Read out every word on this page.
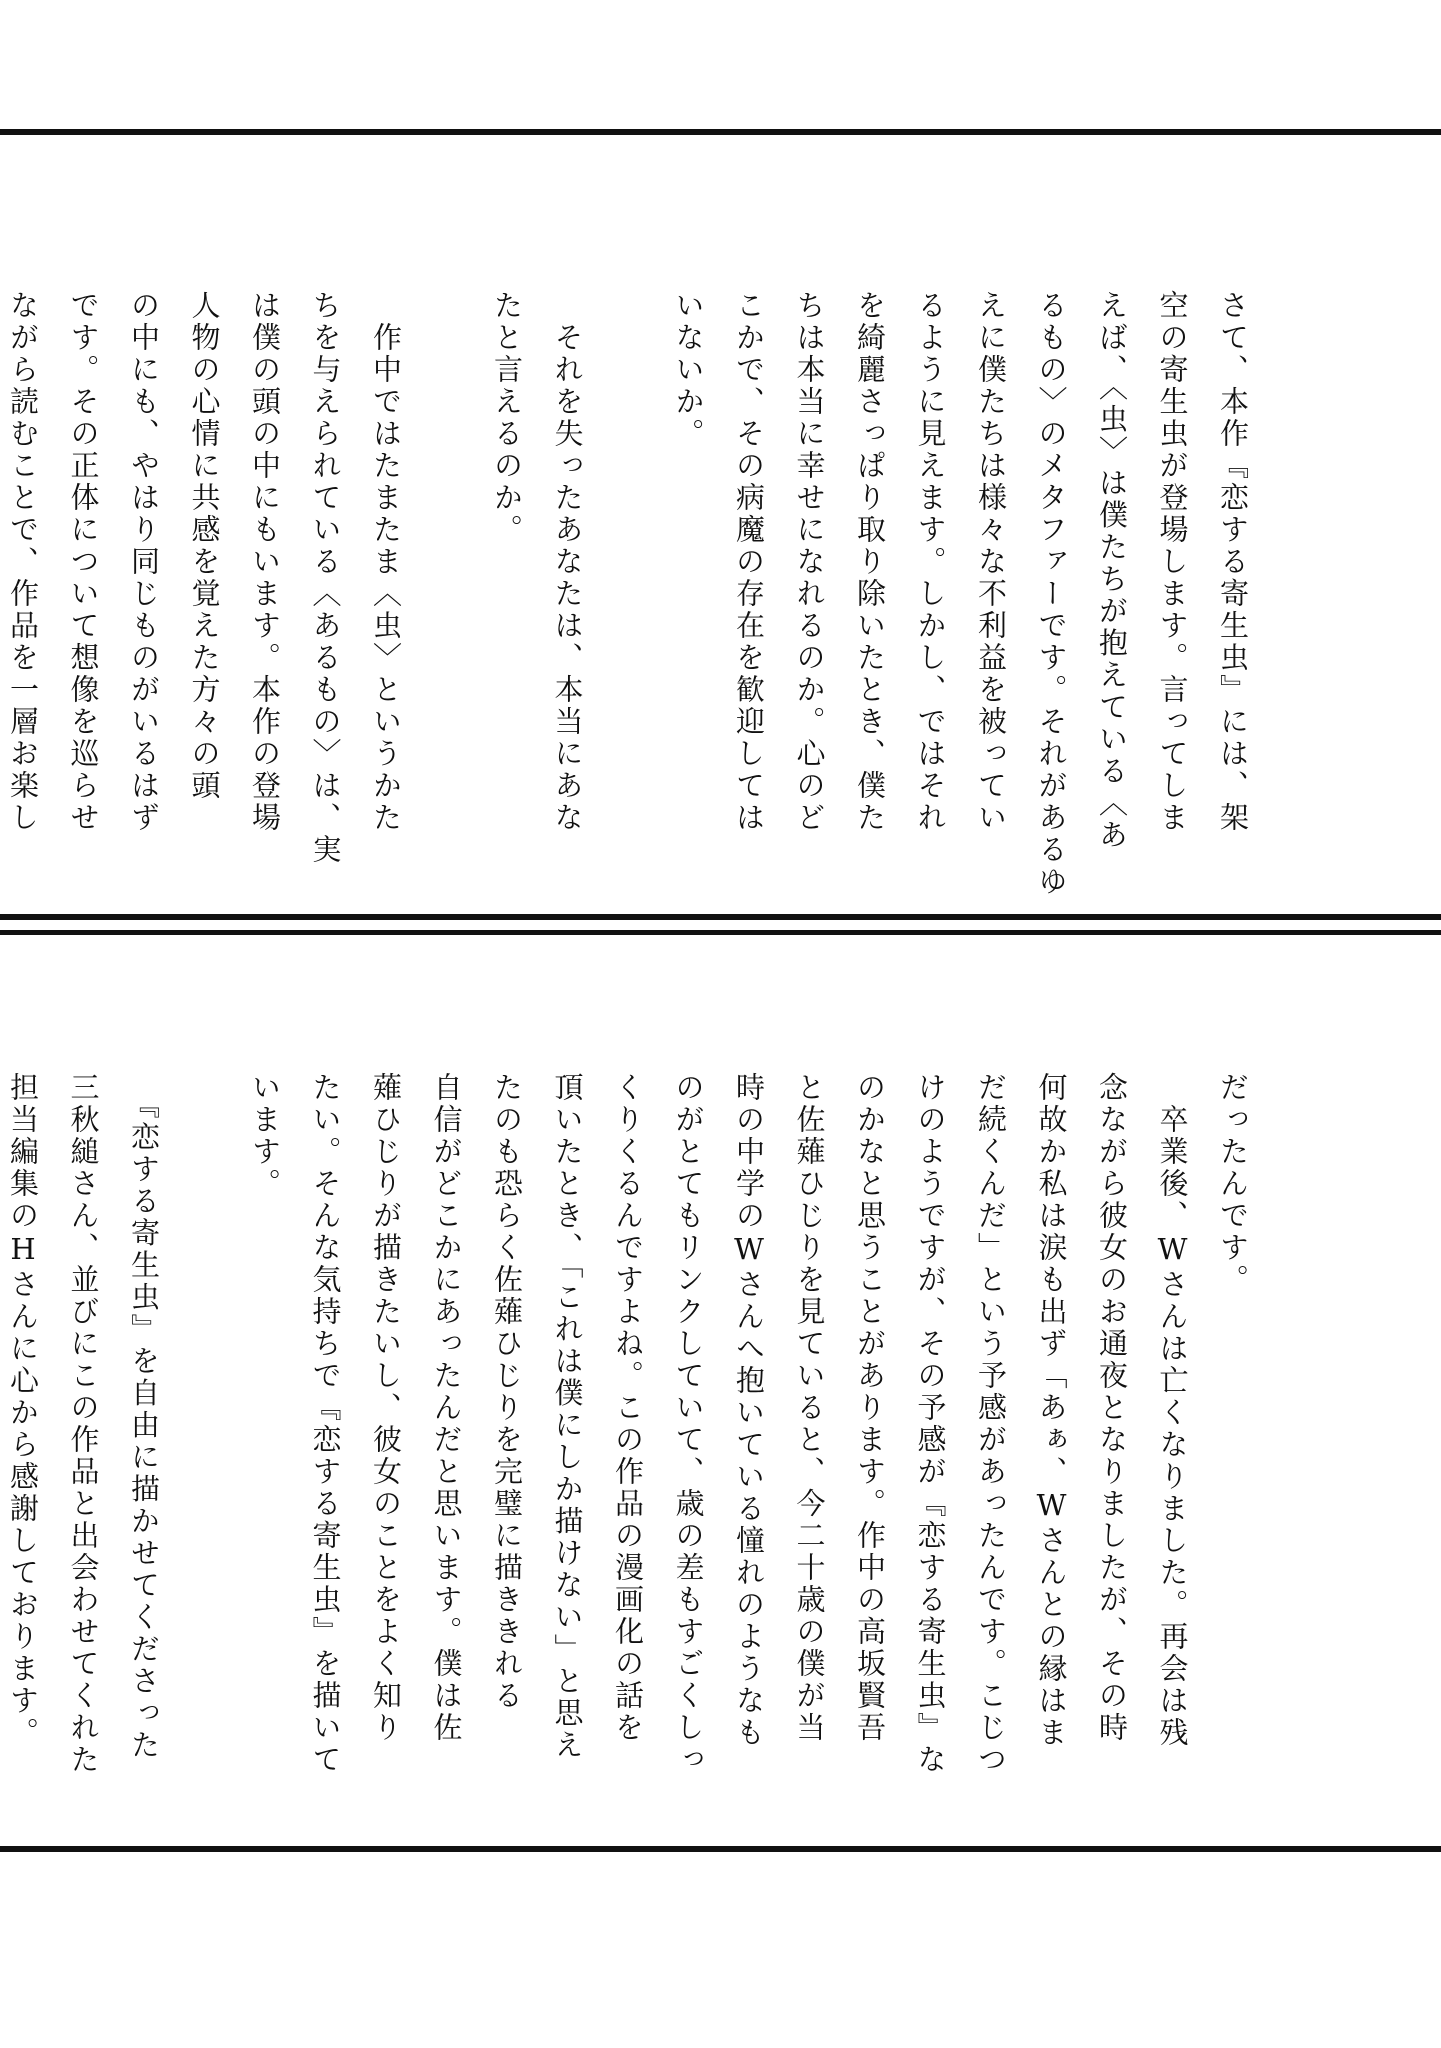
さて、本作『恋する寄生虫』には、架
空の寄生虫が登場します。言ってしま
えば、〈虫〉は僕たちが抱えている〈あ
るもの〉のメタファーです。それがあるゆ
えに僕たちは様々な不利益を被ってい
るように見えます。しかし、ではそれ
を綺麗さっぱり取り除いたとき、僕た
ちは本当に幸せになれるのか。心のど
こかで、その病魔の存在を歓迎しては
いないか。
　それを失ったあなたは、本当にあな
たと言えるのか。
　作中ではたまたま〈虫〉というかた
ちを与えられている〈あるもの〉は、実
は僕の頭の中にもいます。本作の登場
人物の心情に共感を覚えた方々の頭
の中にも、やはり同じものがいるはず
です。その正体について想像を巡らせ
ながら読むことで、作品を一層お楽し
だったんです。
　卒業後、Wさんは亡くなりました。再会は残
念ながら彼女のお通夜となりましたが、その時
何故か私は涙も出ず「あぁ、Wさんとの縁はま
だ続くんだ」という予感があったんです。こじつ
けのようですが、その予感が『恋する寄生虫』な
のかなと思うことがあります。作中の高坂賢吾
と佐薙ひじりを見ていると、今二十歳の僕が当
時の中学のWさんへ抱いている憧れのようなも
のがとてもリンクしていて、歳の差もすごくしっ
くりくるんですよね。この作品の漫画化の話を
頂いたとき、「これは僕にしか描けない」と思え
たのも恐らく佐薙ひじりを完璧に描ききれる
自信がどこかにあったんだと思います。僕は佐
薙ひじりが描きたいし、彼女のことをよく知り
たい。そんな気持ちで『恋する寄生虫』を描いて
います。
　『恋する寄生虫』を自由に描かせてくださった
三秋縋さん、並びにこの作品と出会わせてくれた
担当編集のHさんに心から感謝しております。
